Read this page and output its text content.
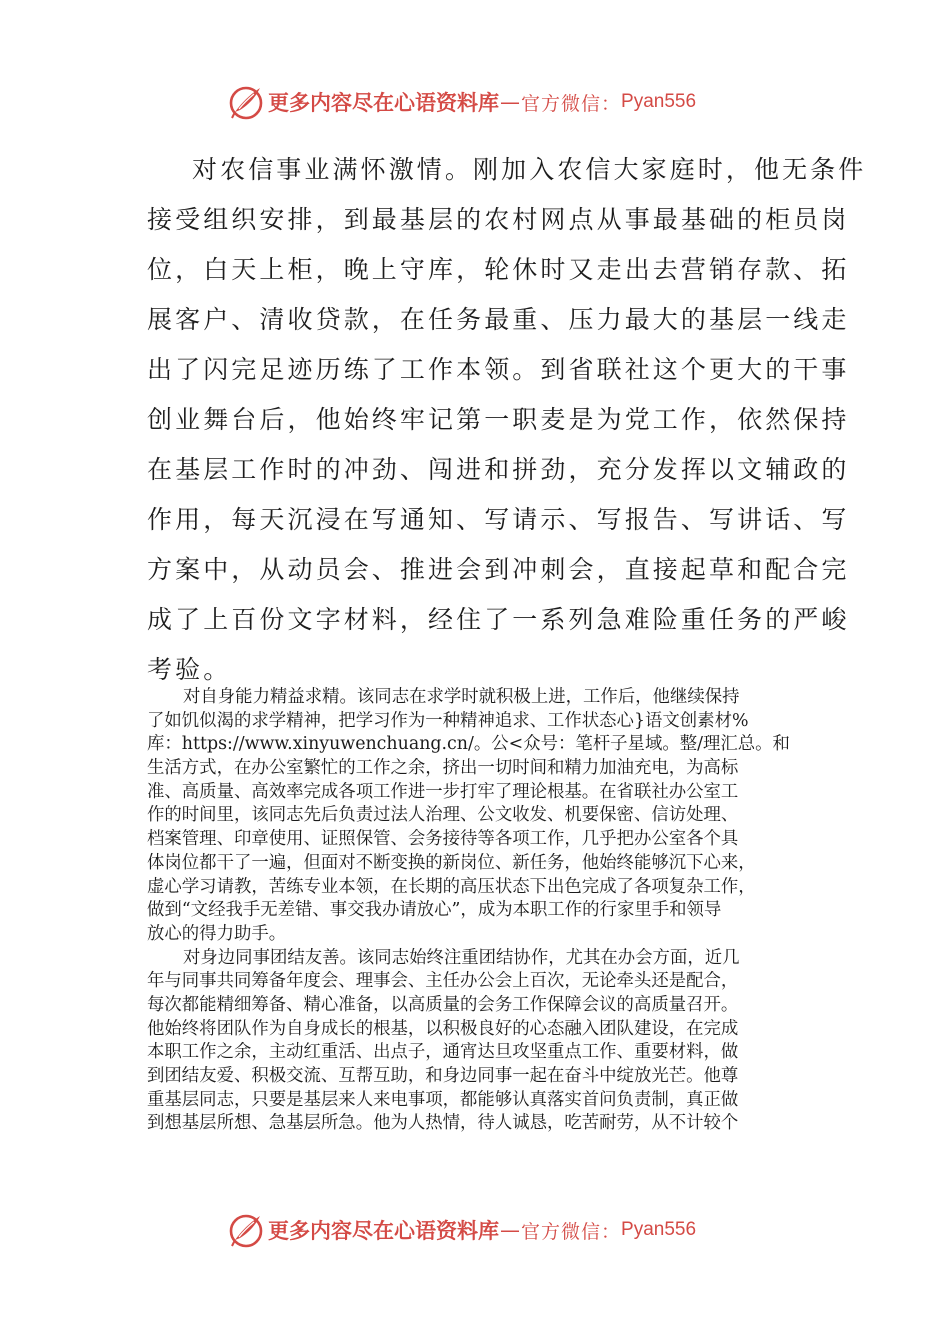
更多内容尽在心语资料库 — 官方微信： Pyan556
对农信事业满怀激情。刚加入农信大家庭时，他无条件
接受组织安排，到最基层的农村网点从事最基础的柜员岗
位，白天上柜，晚上守库，轮休时又走出去营销存款、拓
展客户、清收贷款，在任务最重、压力最大的基层一线走
出了闪完足迹历练了工作本领。到省联社这个更大的干事
创业舞台后，他始终牢记第一职麦是为党工作，依然保持
在基层工作时的冲劲、闯进和拼劲，充分发挥以文辅政的
作用，每天沉浸在写通知、写请示、写报告、写讲话、写
方案中，从动员会、推进会到冲刺会，直接起草和配合完
成了上百份文字材料，经住了一系列急难险重任务的严峻
考验。
对自身能力精益求精。该同志在求学时就积极上进，工作后，他继续保持
了如饥似渴的求学精神，把学习作为一种精神追求、工作状态心}语文创素材%
库：https://www.xinyuwenchuang.cn/。公<众号：笔杆子星域。整/理汇总。和
生活方式，在办公室繁忙的工作之余，挤出一切时间和精力加油充电，为高标
准、高质量、高效率完成各项工作进一步打牢了理论根基。在省联社办公室工
作的时间里，该同志先后负责过法人治理、公文收发、机要保密、信访处理、
档案管理、印章使用、证照保管、会务接待等各项工作，几乎把办公室各个具
体岗位都干了一遍，但面对不断变换的新岗位、新任务，他始终能够沉下心来，
虚心学习请教，苦练专业本领，在长期的高压状态下出色完成了各项复杂工作，
做到“文经我手无差错、事交我办请放心”，成为本职工作的行家里手和领导
放心的得力助手。
对身边同事团结友善。该同志始终注重团结协作，尤其在办会方面，近几
年与同事共同筹备年度会、理事会、主任办公会上百次，无论牵头还是配合，
每次都能精细筹备、精心准备，以高质量的会务工作保障会议的高质量召开。
他始终将团队作为自身成长的根基，以积极良好的心态融入团队建设，在完成
本职工作之余，主动红重活、出点子，通宵达旦攻坚重点工作、重要材料，做
到团结友爱、积极交流、互帮互助，和身边同事一起在奋斗中绽放光芒。他尊
重基层同志，只要是基层来人来电事项，都能够认真落实首问负责制，真正做
到想基层所想、急基层所急。他为人热情，待人诚恳，吃苦耐劳，从不计较个
更多内容尽在心语资料库 — 官方微信： Pyan556
